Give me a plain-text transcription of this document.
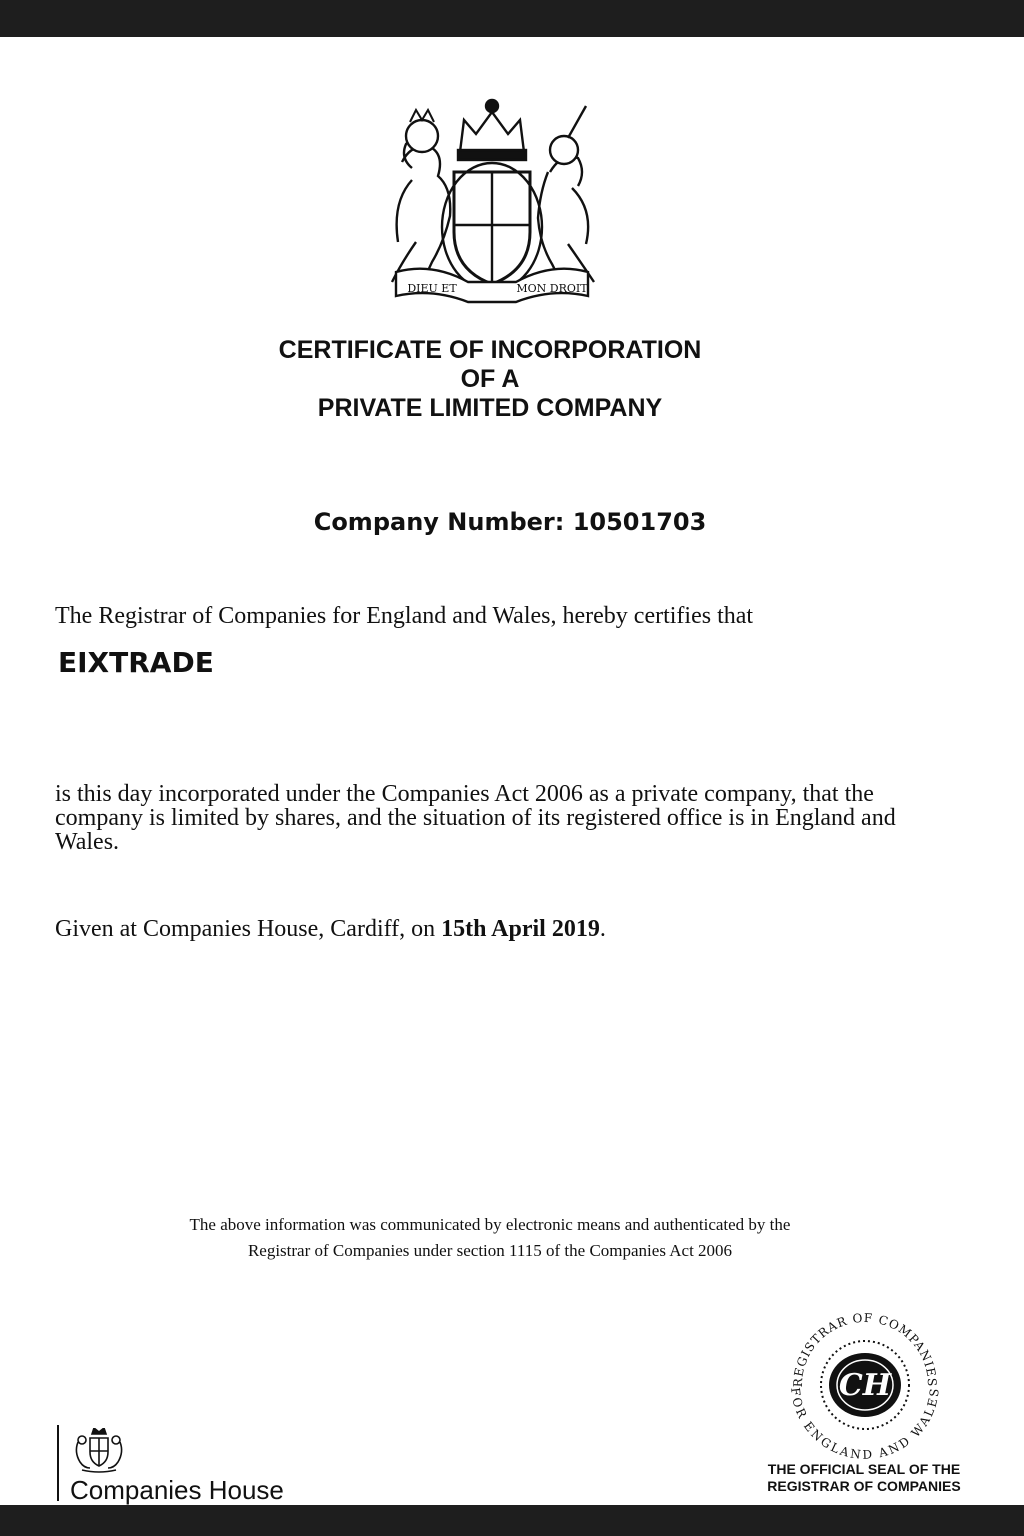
DIEU ET	MON DROIT
CERTIFICATE OF INCORPORATION
OF A
PRIVATE LIMITED COMPANY
Company Number: 10501703
The Registrar of Companies for England and Wales, hereby certifies that
EIXTRADE
is this day incorporated under the Companies Act 2006 as a private company, that the company is limited by shares, and the situation of its registered office is in England and Wales.
Given at Companies House, Cardiff, on 15th April 2019.
The above information was communicated by electronic means and authenticated by the
Registrar of Companies under section 1115 of the Companies Act 2006
Companies House
CH
REGISTRAR OF COMPANIES
FOR ENGLAND AND WALES
THE OFFICIAL SEAL OF THE
REGISTRAR OF COMPANIES
